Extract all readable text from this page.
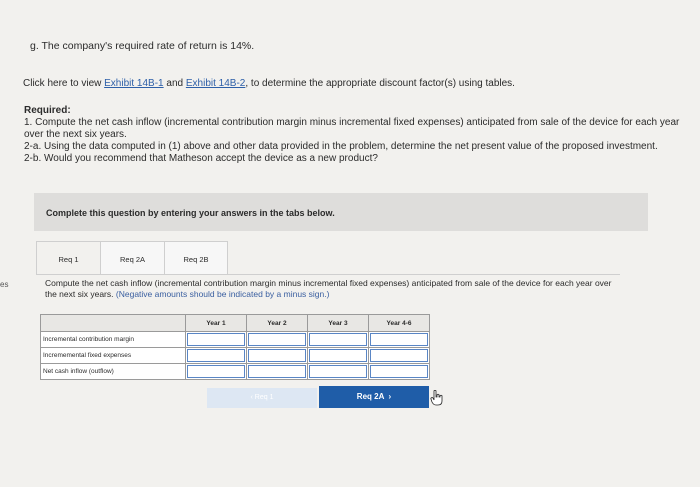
es
g. The company's required rate of return is 14%.
Click here to view Exhibit 14B-1 and Exhibit 14B-2, to determine the appropriate discount factor(s) using tables.
Required:
1. Compute the net cash inflow (incremental contribution margin minus incremental fixed expenses) anticipated from sale of the device for each year over the next six years.
2-a. Using the data computed in (1) above and other data provided in the problem, determine the net present value of the proposed investment.
2-b. Would you recommend that Matheson accept the device as a new product?
Complete this question by entering your answers in the tabs below.
Req 1	Req 2A	Req 2B
Compute the net cash inflow (incremental contribution margin minus incremental fixed expenses) anticipated from sale of the device for each year over the next six years. (Negative amounts should be indicated by a minus sign.)
	Year 1	Year 2	Year 3	Year 4-6
Incremental contribution margin	

Incrememental fixed expenses	

Net cash inflow (outflow)	

‹ Req 1	Req 2A  ›
